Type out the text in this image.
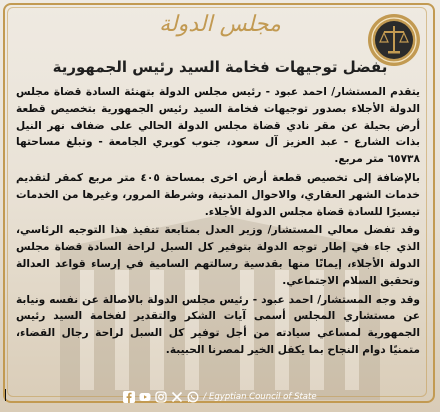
مجلس الدولة
بفضل توجيهات فخامة السيد رئيس الجمهورية

يتقدم المستشار/ احمد عبود - رئيس مجلس الدولة بتهنئة السادة قضاة مجلس الدولة الأجلاء بصدور توجيهات فخامة السيد رئيس الجمهورية بتخصيص قطعة أرض بحيلة عن مقر نادي قضاة مجلس الدولة الحالي على ضفاف نهر النيل بذات الشارع - عبد العزيز آل سعود، جنوب كوبري الجامعة - وتبلغ مساحتها ٦٥٧٣٨ متر مربع.

بالإضافة إلى تخصيص قطعة أرض اخرى بمساحة ٤٠٥ متر مربع كمقر لتقديم خدمات الشهر العقاري، والاحوال المدنية، وشرطة المرور، وغيرها من الخدمات تيسيرًا للسادة قضاة مجلس الدولة الأجلاء.

وقد تفضل معالي المستشار/ وزير العدل بمتابعة تنفيذ هذا التوجيه الرئاسي، الذي جاء في إطار توجه الدولة بتوفير كل السبل لراحة السادة قضاة مجلس الدولة الأجلاء، إيمانًا منها بقدسية رسالتهم السامية في إرساء قواعد العدالة وتحقيق السلام الاجتماعي.

وقد وجه المستشار/ احمد عبود - رئيس مجلس الدولة بالاصالة عن نفسه ونيابة عن مستشاري المجلس أسمى آيات الشكر والتقدير لفخامة السيد رئيس الجمهورية لمساعي سيادته من أجل توفير كل السبل لراحة رجال القضاء، متمنيًا دوام النجاح بما يكفل الخير لمصرنا الحبيبة.

/ Egyptian Council of State
